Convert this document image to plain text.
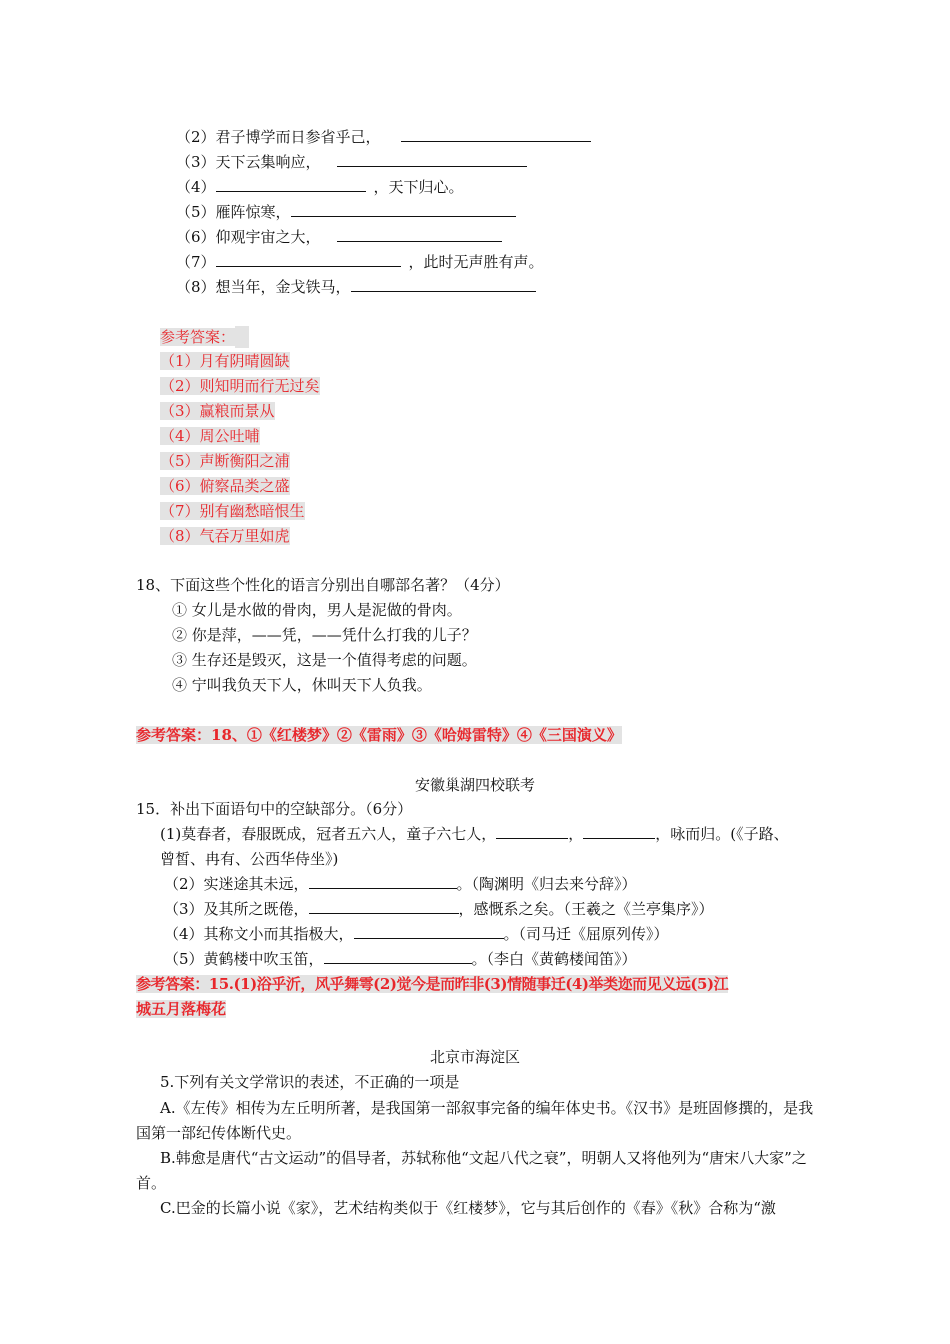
（2）君子博学而日参省乎己，
（3）天下云集响应，
（4）	，天下归心。
（5）雁阵惊寒，
（6）仰观宇宙之大，
（7）	，此时无声胜有声。
（8）想当年，金戈铁马，
参考答案：
（1）月有阴晴圆缺
（2）则知明而行无过矣
（3）赢粮而景从
（4）周公吐哺
（5）声断衡阳之浦
（6）俯察品类之盛
（7）别有幽愁暗恨生
（8）气吞万里如虎
18、下面这些个性化的语言分别出自哪部名著？（4分）
① 女儿是水做的骨肉，男人是泥做的骨肉。
② 你是萍，——凭，——凭什么打我的儿子？
③ 生存还是毁灭，这是一个值得考虑的问题。
④ 宁叫我负天下人，休叫天下人负我。
参考答案：18、①《红楼梦》②《雷雨》③《哈姆雷特》④《三国演义》
安徽巢湖四校联考
15．补出下面语句中的空缺部分。（6分）
(1)莫春者，春服既成，冠者五六人，童子六七人，	，	，咏而归。(《子路、
曾皙、冉有、公西华侍坐》)
（2）实迷途其未远，	。（陶渊明《归去来兮辞》）
（3）及其所之既倦，	，感慨系之矣。（王羲之《兰亭集序》）
（4）其称文小而其指极大，	。（司马迁《屈原列传》）
（5）黄鹤楼中吹玉笛，	。（李白《黄鹤楼闻笛》）
参考答案：15.(1)浴乎沂，风乎舞雩(2)觉今是而昨非(3)情随事迁(4)举类迩而见义远(5)江
城五月落梅花
北京市海淀区
5.下列有关文学常识的表述，不正确的一项是
A.《左传》相传为左丘明所著，是我国第一部叙事完备的编年体史书。《汉书》是班固修撰的，是我国第一部纪传体断代史。
B.韩愈是唐代“古文运动”的倡导者，苏轼称他“文起八代之衰”，明朝人又将他列为“唐宋八大家”之首。
C.巴金的长篇小说《家》，艺术结构类似于《红楼梦》，它与其后创作的《春》《秋》合称为“激
